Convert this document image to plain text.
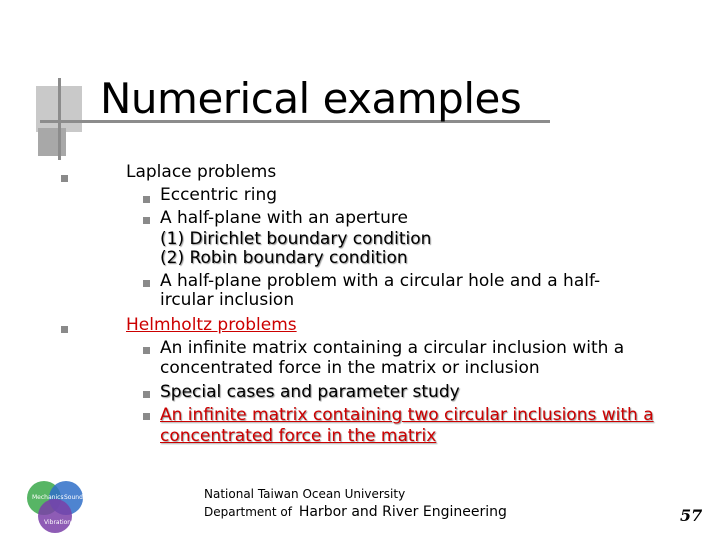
Numerical examples
Laplace problems
Eccentric ring
A half-plane with an aperture
(1) Dirichlet boundary condition
(2) Robin boundary condition
A half-plane problem with a circular hole and a half-
ircular inclusion
Helmholtz problems
An infinite matrix containing a circular inclusion with a
concentrated force in the matrix or inclusion
Special cases and parameter study
An infinite matrix containing two circular inclusions with a
concentrated force in the matrix
Mechanics Sound
Vibration
National Taiwan Ocean University
Department of Harbor and River Engineering	57
